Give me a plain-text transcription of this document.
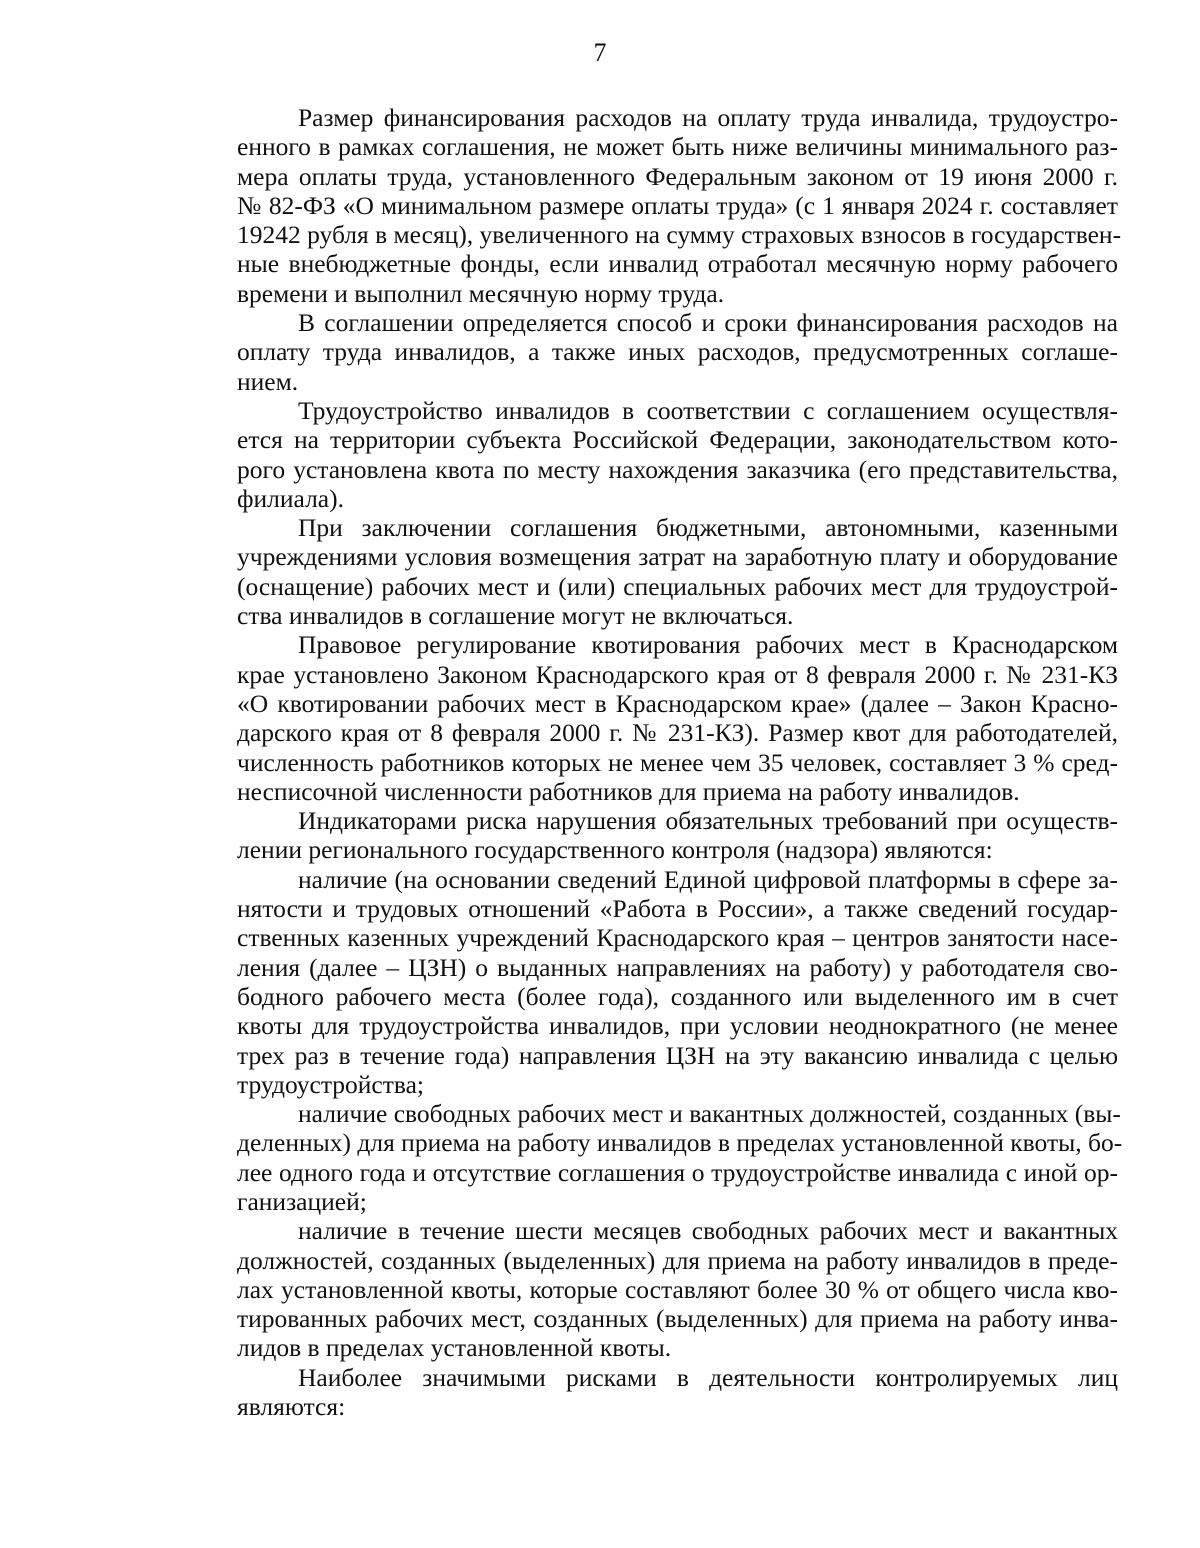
7
Размер финансирования расходов на оплату труда инвалида, трудоустро-
енного в рамках соглашения, не может быть ниже величины минимального раз-
мера оплаты труда, установленного Федеральным законом от 19 июня 2000 г.
№ 82-ФЗ «О минимальном размере оплаты труда» (с 1 января 2024 г. составляет
19242 рубля в месяц), увеличенного на сумму страховых взносов в государствен-
ные внебюджетные фонды, если инвалид отработал месячную норму рабочего
времени и выполнил месячную норму труда.
В соглашении определяется способ и сроки финансирования расходов на
оплату труда инвалидов, а также иных расходов, предусмотренных соглаше-
нием.
Трудоустройство инвалидов в соответствии с соглашением осуществля-
ется на территории субъекта Российской Федерации, законодательством кото-
рого установлена квота по месту нахождения заказчика (его представительства,
филиала).
При заключении соглашения бюджетными, автономными, казенными
учреждениями условия возмещения затрат на заработную плату и оборудование
(оснащение) рабочих мест и (или) специальных рабочих мест для трудоустрой-
ства инвалидов в соглашение могут не включаться.
Правовое регулирование квотирования рабочих мест в Краснодарском
крае установлено Законом Краснодарского края от 8 февраля 2000 г. № 231-КЗ
«О квотировании рабочих мест в Краснодарском крае» (далее – Закон Красно-
дарского края от 8 февраля 2000 г. № 231-КЗ). Размер квот для работодателей,
численность работников которых не менее чем 35 человек, составляет 3 % сред-
несписочной численности работников для приема на работу инвалидов.
Индикаторами риска нарушения обязательных требований при осуществ-
лении регионального государственного контроля (надзора) являются:
наличие (на основании сведений Единой цифровой платформы в сфере за-
нятости и трудовых отношений «Работа в России», а также сведений государ-
ственных казенных учреждений Краснодарского края – центров занятости насе-
ления (далее – ЦЗН) о выданных направлениях на работу) у работодателя сво-
бодного рабочего места (более года), созданного или выделенного им в счет
квоты для трудоустройства инвалидов, при условии неоднократного (не менее
трех раз в течение года) направления ЦЗН на эту вакансию инвалида с целью
трудоустройства;
наличие свободных рабочих мест и вакантных должностей, созданных (вы-
деленных) для приема на работу инвалидов в пределах установленной квоты, бо-
лее одного года и отсутствие соглашения о трудоустройстве инвалида с иной ор-
ганизацией;
наличие в течение шести месяцев свободных рабочих мест и вакантных
должностей, созданных (выделенных) для приема на работу инвалидов в преде-
лах установленной квоты, которые составляют более 30 % от общего числа кво-
тированных рабочих мест, созданных (выделенных) для приема на работу инва-
лидов в пределах установленной квоты.
Наиболее значимыми рисками в деятельности контролируемых лиц
являются:
